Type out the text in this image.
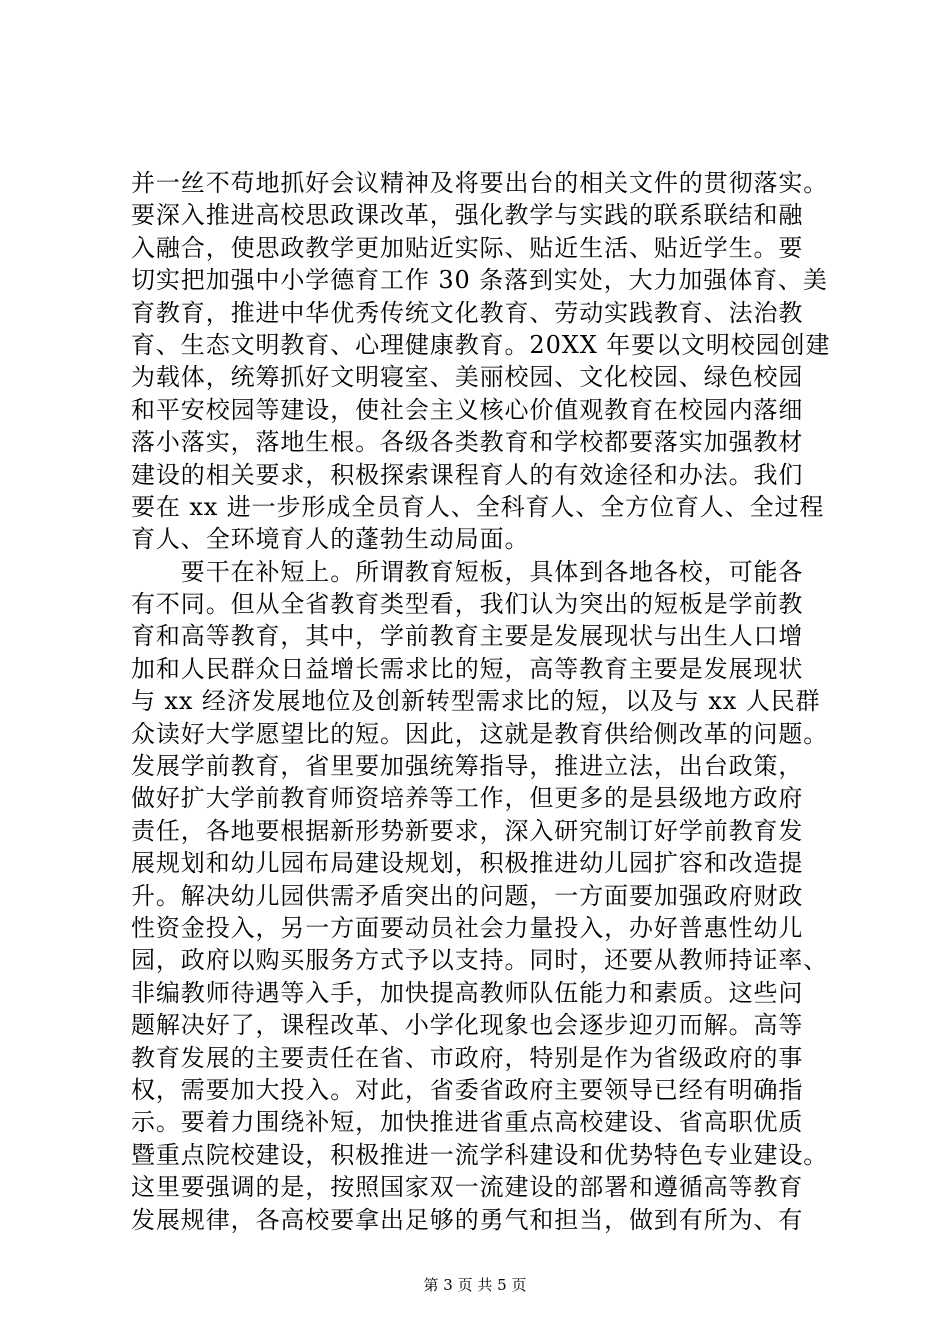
并一丝不苟地抓好会议精神及将要出台的相关文件的贯彻落实。
要深入推进高校思政课改革，强化教学与实践的联系联结和融
入融合，使思政教学更加贴近实际、贴近生活、贴近学生。要
切实把加强中小学德育工作 30 条落到实处，大力加强体育、美
育教育，推进中华优秀传统文化教育、劳动实践教育、法治教
育、生态文明教育、心理健康教育。20XX 年要以文明校园创建
为载体，统筹抓好文明寝室、美丽校园、文化校园、绿色校园
和平安校园等建设，使社会主义核心价值观教育在校园内落细
落小落实，落地生根。各级各类教育和学校都要落实加强教材
建设的相关要求，积极探索课程育人的有效途径和办法。我们
要在 xx 进一步形成全员育人、全科育人、全方位育人、全过程
育人、全环境育人的蓬勃生动局面。
　　要干在补短上。所谓教育短板，具体到各地各校，可能各
有不同。但从全省教育类型看，我们认为突出的短板是学前教
育和高等教育，其中，学前教育主要是发展现状与出生人口增
加和人民群众日益增长需求比的短，高等教育主要是发展现状
与 xx 经济发展地位及创新转型需求比的短，以及与 xx 人民群
众读好大学愿望比的短。因此，这就是教育供给侧改革的问题。
发展学前教育，省里要加强统筹指导，推进立法，出台政策，
做好扩大学前教育师资培养等工作，但更多的是县级地方政府
责任，各地要根据新形势新要求，深入研究制订好学前教育发
展规划和幼儿园布局建设规划，积极推进幼儿园扩容和改造提
升。解决幼儿园供需矛盾突出的问题，一方面要加强政府财政
性资金投入，另一方面要动员社会力量投入，办好普惠性幼儿
园，政府以购买服务方式予以支持。同时，还要从教师持证率、
非编教师待遇等入手，加快提高教师队伍能力和素质。这些问
题解决好了，课程改革、小学化现象也会逐步迎刃而解。高等
教育发展的主要责任在省、市政府，特别是作为省级政府的事
权，需要加大投入。对此，省委省政府主要领导已经有明确指
示。要着力围绕补短，加快推进省重点高校建设、省高职优质
暨重点院校建设，积极推进一流学科建设和优势特色专业建设。
这里要强调的是，按照国家双一流建设的部署和遵循高等教育
发展规律，各高校要拿出足够的勇气和担当，做到有所为、有
第 3 页 共 5 页
